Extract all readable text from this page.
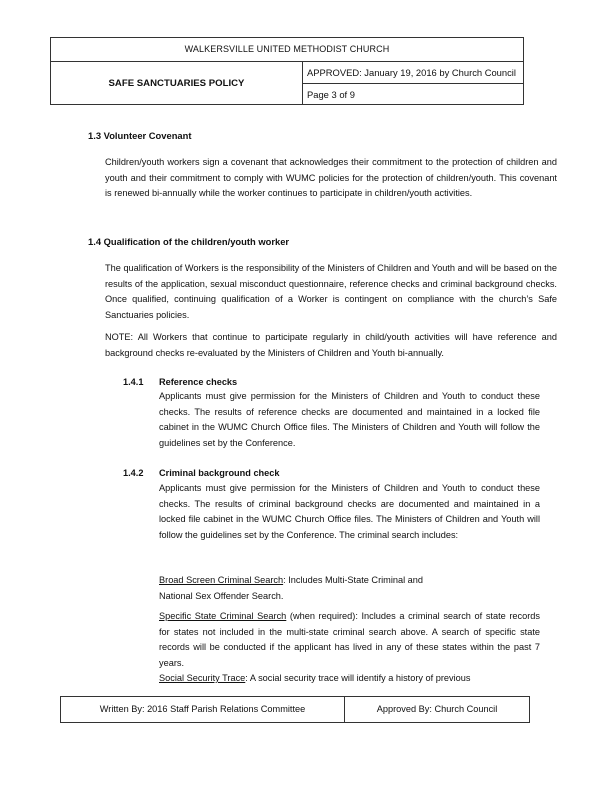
WALKERSVILLE UNITED METHODIST CHURCH
SAFE SANCTUARIES POLICY
APPROVED: January 19, 2016 by Church Council
Page 3 of 9
1.3 Volunteer Covenant
Children/youth workers sign a covenant that acknowledges their commitment to the protection of children and youth and their commitment to comply with WUMC policies for the protection of children/youth. This covenant is renewed bi-annually while the worker continues to participate in children/youth activities.
1.4 Qualification of the children/youth worker
The qualification of Workers is the responsibility of the Ministers of Children and Youth and will be based on the results of the application, sexual misconduct questionnaire, reference checks and criminal background checks. Once qualified, continuing qualification of a Worker is contingent on compliance with the church’s Safe Sanctuaries policies.
NOTE: All Workers that continue to participate regularly in child/youth activities will have reference and background checks re-evaluated by the Ministers of Children and Youth bi-annually.
1.4.1 Reference checks
Applicants must give permission for the Ministers of Children and Youth to conduct these checks. The results of reference checks are documented and maintained in a locked file cabinet in the WUMC Church Office files. The Ministers of Children and Youth will follow the guidelines set by the Conference.
1.4.2 Criminal background check
Applicants must give permission for the Ministers of Children and Youth to conduct these checks. The results of criminal background checks are documented and maintained in a locked file cabinet in the WUMC Church Office files. The Ministers of Children and Youth will follow the guidelines set by the Conference. The criminal search includes:
Broad Screen Criminal Search: Includes Multi-State Criminal and
National Sex Offender Search.
Specific State Criminal Search (when required): Includes a criminal search of state records for states not included in the multi-state criminal search above. A search of specific state records will be conducted if the applicant has lived in any of these states within the past 7 years.
Social Security Trace: A social security trace will identify a history of previous
Written By: 2016 Staff Parish Relations Committee	Approved By: Church Council
